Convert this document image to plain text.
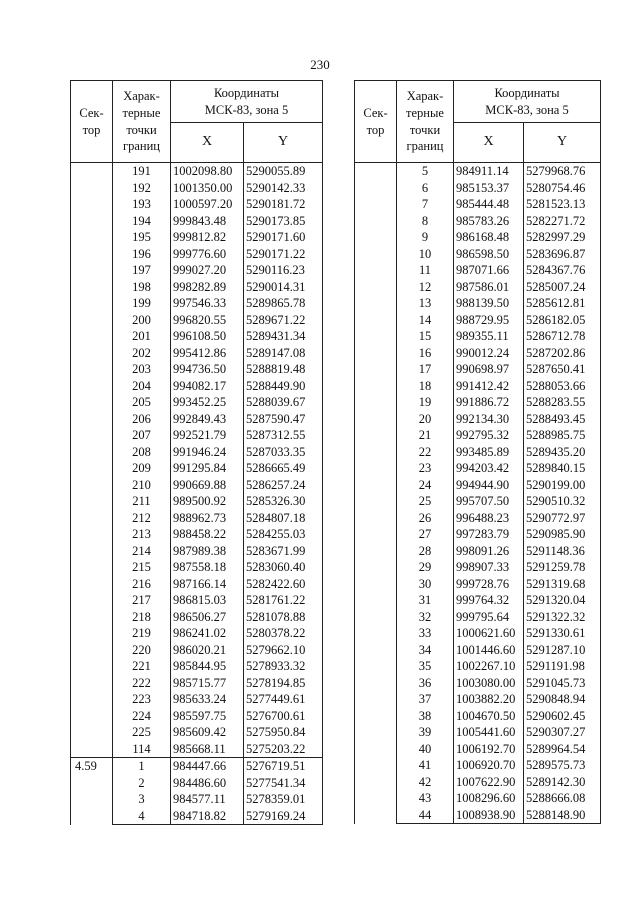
230
Сек-
тор	Харак-
терные
точки
границ	Координаты
МСК-83, зона 5	
		X	Y
	191	1002098.80	5290055.89
	192	1001350.00	5290142.33
	193	1000597.20	5290181.72
	194	999843.48	5290173.85
	195	999812.82	5290171.60
	196	999776.60	5290171.22
	197	999027.20	5290116.23
	198	998282.89	5290014.31
	199	997546.33	5289865.78
	200	996820.55	5289671.22
	201	996108.50	5289431.34
	202	995412.86	5289147.08
	203	994736.50	5288819.48
	204	994082.17	5288449.90
	205	993452.25	5288039.67
	206	992849.43	5287590.47
	207	992521.79	5287312.55
	208	991946.24	5287033.35
	209	991295.84	5286665.49
	210	990669.88	5286257.24
	211	989500.92	5285326.30
	212	988962.73	5284807.18
	213	988458.22	5284255.03
	214	987989.38	5283671.99
	215	987558.18	5283060.40
	216	987166.14	5282422.60
	217	986815.03	5281761.22
	218	986506.27	5281078.88
	219	986241.02	5280378.22
	220	986020.21	5279662.10
	221	985844.95	5278933.32
	222	985715.77	5278194.85
	223	985633.24	5277449.61
	224	985597.75	5276700.61
	225	985609.42	5275950.84
	114	985668.11	5275203.22
4.59	1	984447.66	5276719.51
	2	984486.60	5277541.34
	3	984577.11	5278359.01
	4	984718.82	5279169.24
Сек-
тор	Харак-
терные
точки
границ	Координаты
МСК-83, зона 5	
		X	Y
	5	984911.14	5279968.76
	6	985153.37	5280754.46
	7	985444.48	5281523.13
	8	985783.26	5282271.72
	9	986168.48	5282997.29
	10	986598.50	5283696.87
	11	987071.66	5284367.76
	12	987586.01	5285007.24
	13	988139.50	5285612.81
	14	988729.95	5286182.05
	15	989355.11	5286712.78
	16	990012.24	5287202.86
	17	990698.97	5287650.41
	18	991412.42	5288053.66
	19	991886.72	5288283.55
	20	992134.30	5288493.45
	21	992795.32	5288985.75
	22	993485.89	5289435.20
	23	994203.42	5289840.15
	24	994944.90	5290199.00
	25	995707.50	5290510.32
	26	996488.23	5290772.97
	27	997283.79	5290985.90
	28	998091.26	5291148.36
	29	998907.33	5291259.78
	30	999728.76	5291319.68
	31	999764.32	5291320.04
	32	999795.64	5291322.32
	33	1000621.60	5291330.61
	34	1001446.60	5291287.10
	35	1002267.10	5291191.98
	36	1003080.00	5291045.73
	37	1003882.20	5290848.94
	38	1004670.50	5290602.45
	39	1005441.60	5290307.27
	40	1006192.70	5289964.54
	41	1006920.70	5289575.73
	42	1007622.90	5289142.30
	43	1008296.60	5288666.08
	44	1008938.90	5288148.90
